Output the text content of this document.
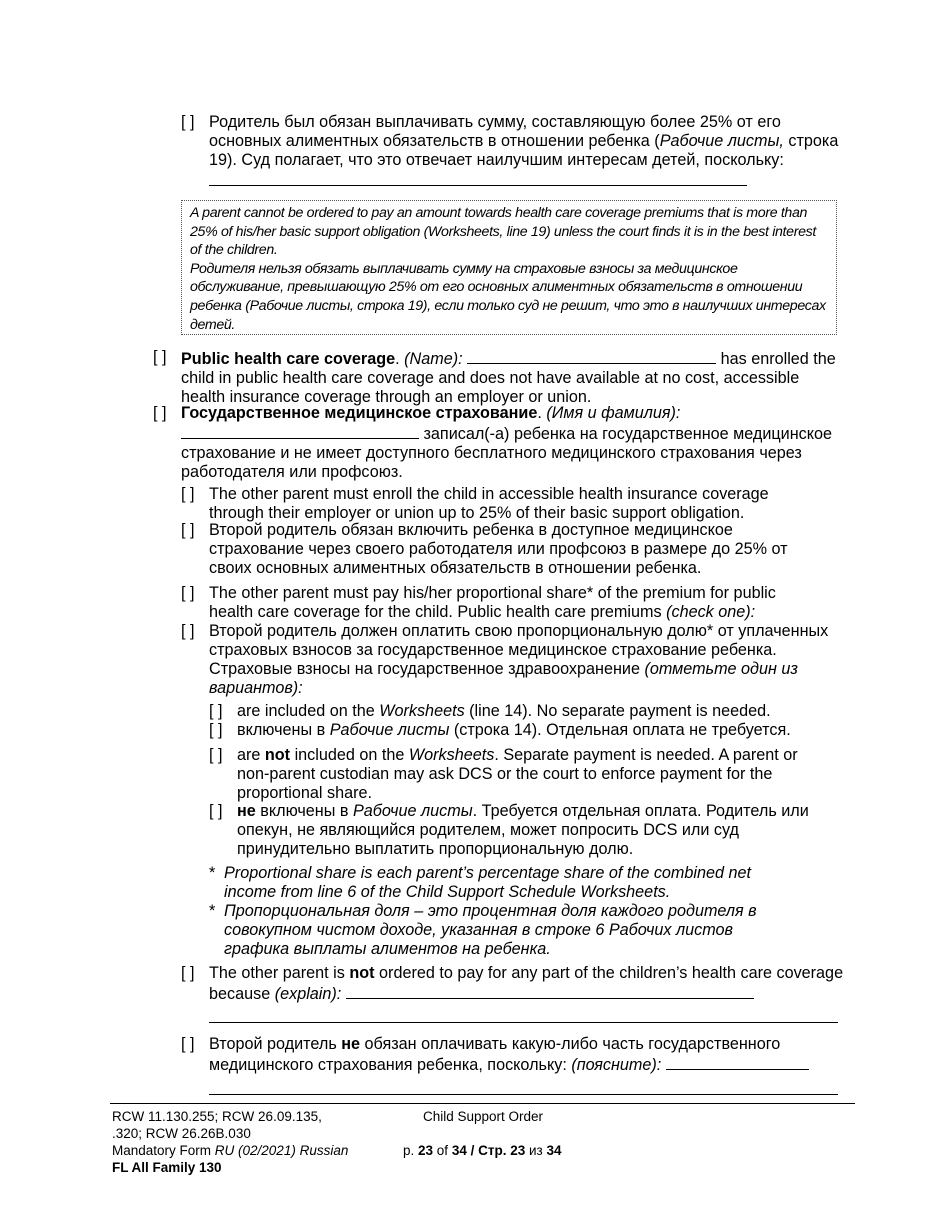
[ ] Родитель был обязан выплачивать сумму, составляющую более 25% от его основных алиментных обязательств в отношении ребенка (Рабочие листы, строка 19). Суд полагает, что это отвечает наилучшим интересам детей, поскольку:
A parent cannot be ordered to pay an amount towards health care coverage premiums that is more than 25% of his/her basic support obligation (Worksheets, line 19) unless the court finds it is in the best interest of the children.
Родителя нельзя обязать выплачивать сумму на страховые взносы за медицинское обслуживание, превышающую 25% от его основных алиментных обязательств в отношении ребенка (Рабочие листы, строка 19), если только суд не решит, что это в наилучших интересах детей.
[ ] Public health care coverage. (Name):	has enrolled the child in public health care coverage and does not have available at no cost, accessible health insurance coverage through an employer or union.
[ ] Государственное медицинское страхование. (Имя и фамилия):
записал(-а) ребенка на государственное медицинское страхование и не имеет доступного бесплатного медицинского страхования через работодателя или профсоюз.
[ ] The other parent must enroll the child in accessible health insurance coverage through their employer or union up to 25% of their basic support obligation.
[ ] Второй родитель обязан включить ребенка в доступное медицинское страхование через своего работодателя или профсоюз в размере до 25% от своих основных алиментных обязательств в отношении ребенка.
[ ] The other parent must pay his/her proportional share* of the premium for public health care coverage for the child. Public health care premiums (check one):
[ ] Второй родитель должен оплатить свою пропорциональную долю* от уплаченных страховых взносов за государственное медицинское страхование ребенка. Страховые взносы на государственное здравоохранение (отметьте один из вариантов):
[ ] are included on the Worksheets (line 14). No separate payment is needed.
[ ] включены в Рабочие листы (строка 14). Отдельная оплата не требуется.
[ ] are not included on the Worksheets. Separate payment is needed. A parent or non-parent custodian may ask DCS or the court to enforce payment for the proportional share.
[ ] не включены в Рабочие листы. Требуется отдельная оплата. Родитель или опекун, не являющийся родителем, может попросить DCS или суд принудительно выплатить пропорциональную долю.
* Proportional share is each parent’s percentage share of the combined net income from line 6 of the Child Support Schedule Worksheets.
* Пропорциональная доля – это процентная доля каждого родителя в совокупном чистом доходе, указанная в строке 6 Рабочих листов графика выплаты алиментов на ребенка.
[ ] The other parent is not ordered to pay for any part of the children’s health care coverage because (explain):
[ ] Второй родитель не обязан оплачивать какую-либо часть государственного медицинского страхования ребенка, поскольку: (поясните):
RCW 11.130.255; RCW 26.09.135,
.320; RCW 26.26B.030
Mandatory Form RU (02/2021) Russian
FL All Family 130
Child Support Order
p. 23 of 34 / Стр. 23 из 34
